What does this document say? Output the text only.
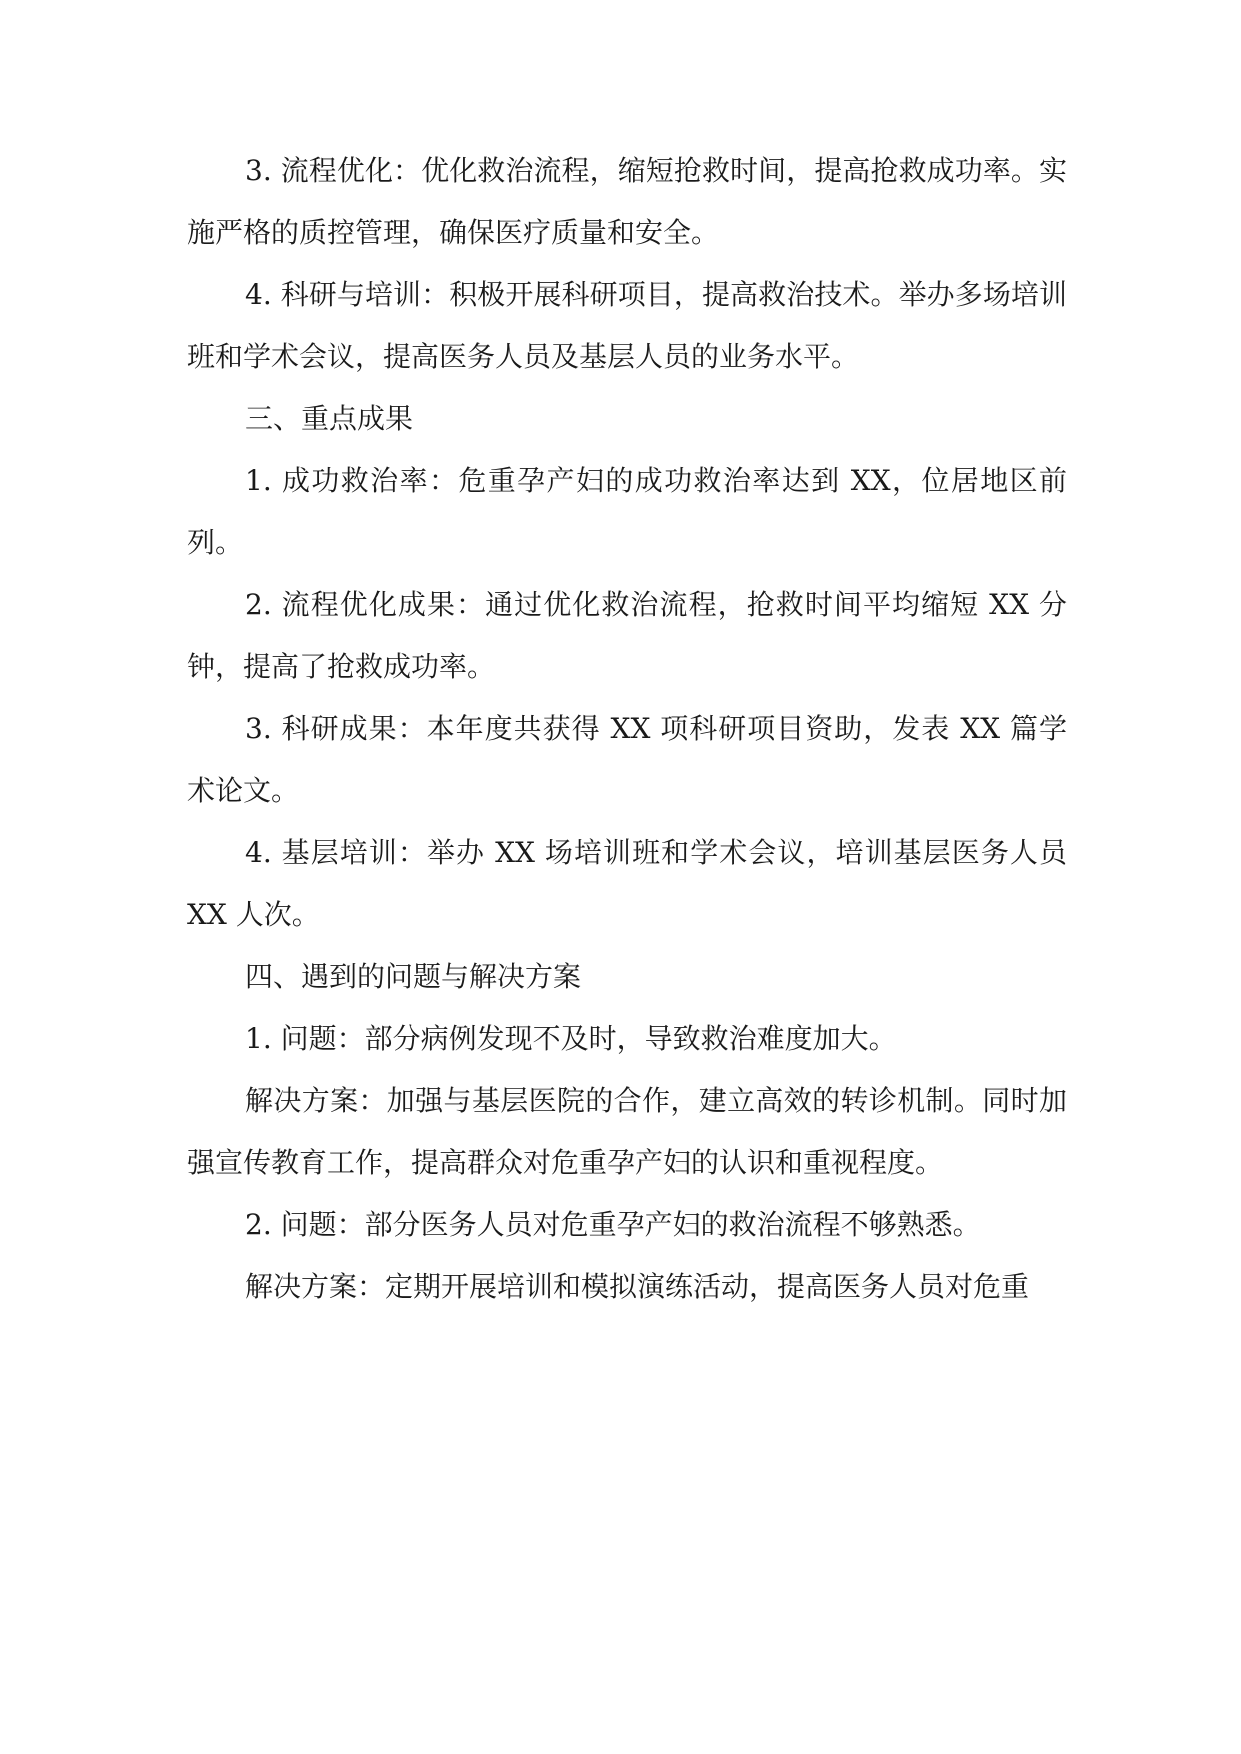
3. 流程优化：优化救治流程，缩短抢救时间，提高抢救成功率。实施严格的质控管理，确保医疗质量和安全。

4. 科研与培训：积极开展科研项目，提高救治技术。举办多场培训班和学术会议，提高医务人员及基层人员的业务水平。

三、重点成果

1. 成功救治率：危重孕产妇的成功救治率达到 XX，位居地区前列。

2. 流程优化成果：通过优化救治流程，抢救时间平均缩短 XX 分钟，提高了抢救成功率。

3. 科研成果：本年度共获得 XX 项科研项目资助，发表 XX 篇学术论文。

4. 基层培训：举办 XX 场培训班和学术会议，培训基层医务人员 XX 人次。

四、遇到的问题与解决方案

1. 问题：部分病例发现不及时，导致救治难度加大。

解决方案：加强与基层医院的合作，建立高效的转诊机制。同时加强宣传教育工作，提高群众对危重孕产妇的认识和重视程度。

2. 问题：部分医务人员对危重孕产妇的救治流程不够熟悉。

解决方案：定期开展培训和模拟演练活动，提高医务人员对危重
